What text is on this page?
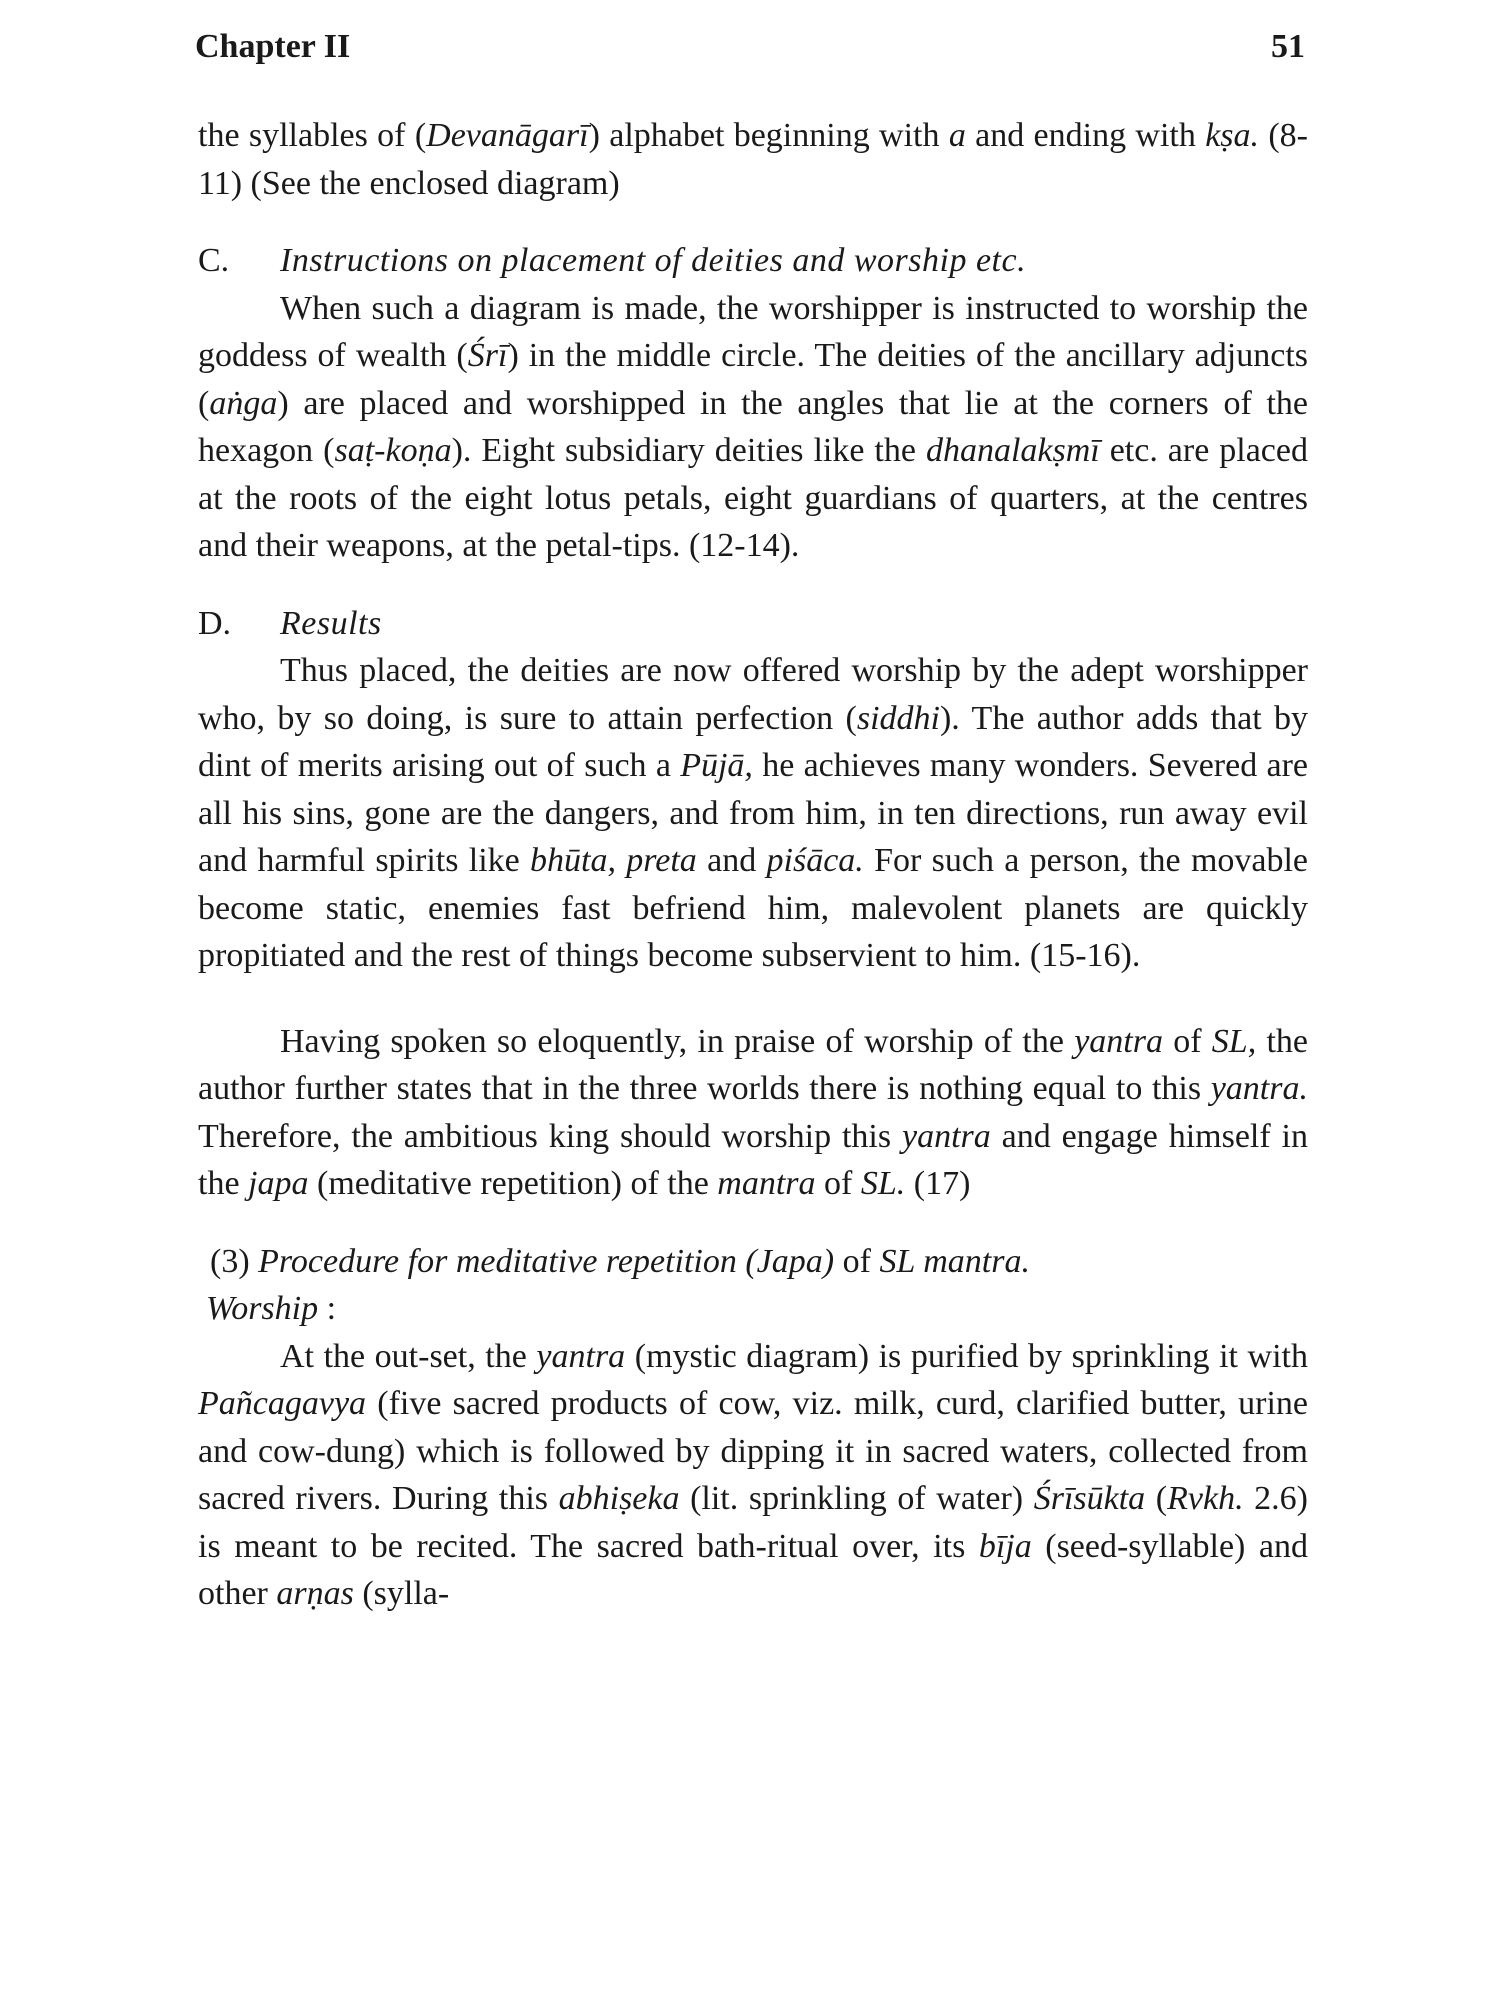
Chapter II	51

the syllables of (Devanāgarī) alphabet beginning with a and ending with kṣa. (8-11) (See the enclosed diagram)

C. Instructions on placement of deities and worship etc.

When such a diagram is made, the worshipper is instructed to worship the goddess of wealth (Śrī) in the middle circle. The deities of the ancillary adjuncts (aṅga) are placed and worshipped in the angles that lie at the corners of the hexagon (saṭ-koṇa). Eight subsidiary deities like the dhanalakṣmī etc. are placed at the roots of the eight lotus petals, eight guardians of quarters, at the centres and their weapons, at the petal-tips. (12-14).

D. Results

Thus placed, the deities are now offered worship by the adept worshipper who, by so doing, is sure to attain perfection (siddhi). The author adds that by dint of merits arising out of such a Pūjā, he achieves many wonders. Severed are all his sins, gone are the dangers, and from him, in ten directions, run away evil and harmful spirits like bhūta, preta and piśāca. For such a person, the movable become static, enemies fast befriend him, malevolent planets are quickly propitiated and the rest of things become subservient to him. (15-16).

Having spoken so eloquently, in praise of worship of the yantra of SL, the author further states that in the three worlds there is nothing equal to this yantra. Therefore, the ambitious king should worship this yantra and engage himself in the japa (meditative repetition) of the mantra of SL. (17)

(3) Procedure for meditative repetition (Japa) of SL mantra.

Worship :

At the out-set, the yantra (mystic diagram) is purified by sprinkling it with Pañcagavya (five sacred products of cow, viz. milk, curd, clarified butter, urine and cow-dung) which is followed by dipping it in sacred waters, collected from sacred rivers. During this abhiṣeka (lit. sprinkling of water) Śrīsūkta (Rvkh. 2.6) is meant to be recited. The sacred bath-ritual over, its bīja (seed-syllable) and other arṇas (sylla-
